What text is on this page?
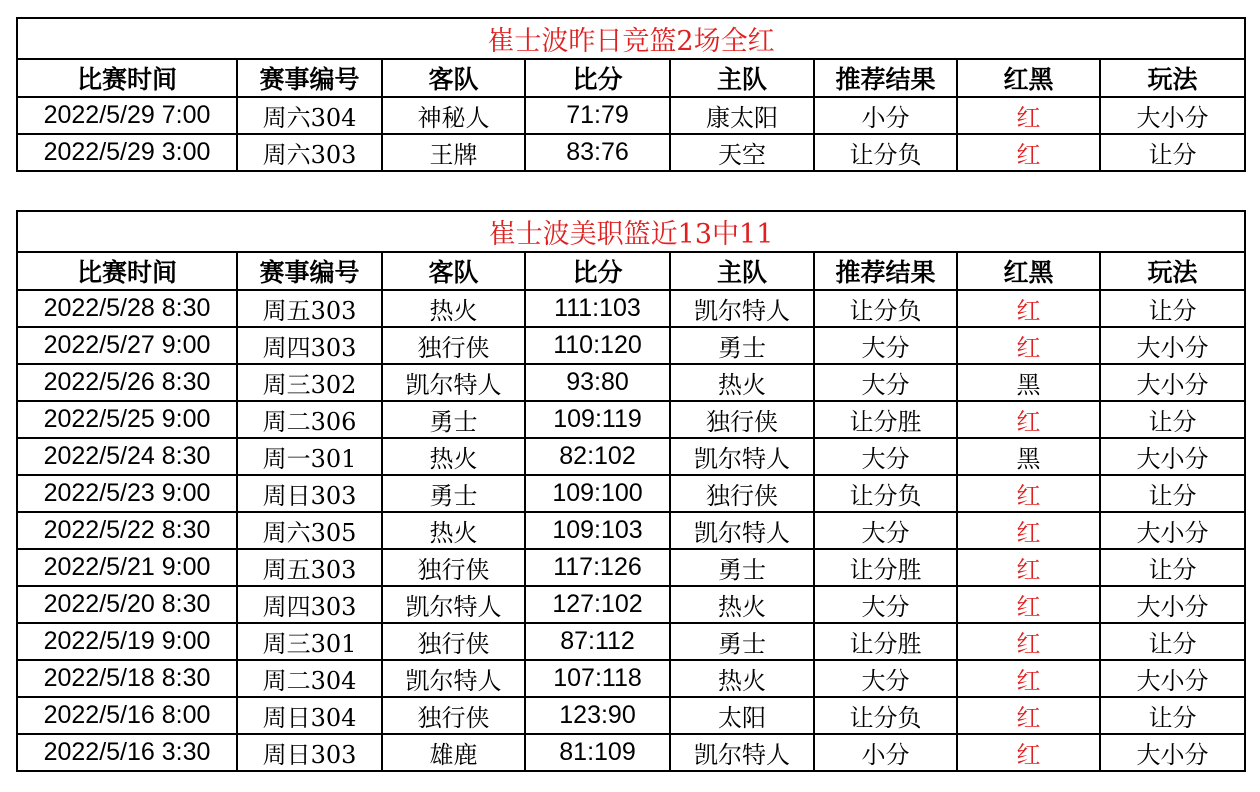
崔士波昨日竞篮2场全红							
比赛时间	赛事编号	客队	比分	主队	推荐结果	红黑	玩法
2022/5/29 7:00	周六304	神秘人	71:79	康太阳	小分	红	大小分
2022/5/29 3:00	周六303	王牌	83:76	天空	让分负	红	让分
崔士波美职篮近13中11							
比赛时间	赛事编号	客队	比分	主队	推荐结果	红黑	玩法
2022/5/28 8:30	周五303	热火	111:103	凯尔特人	让分负	红	让分
2022/5/27 9:00	周四303	独行侠	110:120	勇士	大分	红	大小分
2022/5/26 8:30	周三302	凯尔特人	93:80	热火	大分	黑	大小分
2022/5/25 9:00	周二306	勇士	109:119	独行侠	让分胜	红	让分
2022/5/24 8:30	周一301	热火	82:102	凯尔特人	大分	黑	大小分
2022/5/23 9:00	周日303	勇士	109:100	独行侠	让分负	红	让分
2022/5/22 8:30	周六305	热火	109:103	凯尔特人	大分	红	大小分
2022/5/21 9:00	周五303	独行侠	117:126	勇士	让分胜	红	让分
2022/5/20 8:30	周四303	凯尔特人	127:102	热火	大分	红	大小分
2022/5/19 9:00	周三301	独行侠	87:112	勇士	让分胜	红	让分
2022/5/18 8:30	周二304	凯尔特人	107:118	热火	大分	红	大小分
2022/5/16 8:00	周日304	独行侠	123:90	太阳	让分负	红	让分
2022/5/16 3:30	周日303	雄鹿	81:109	凯尔特人	小分	红	大小分
